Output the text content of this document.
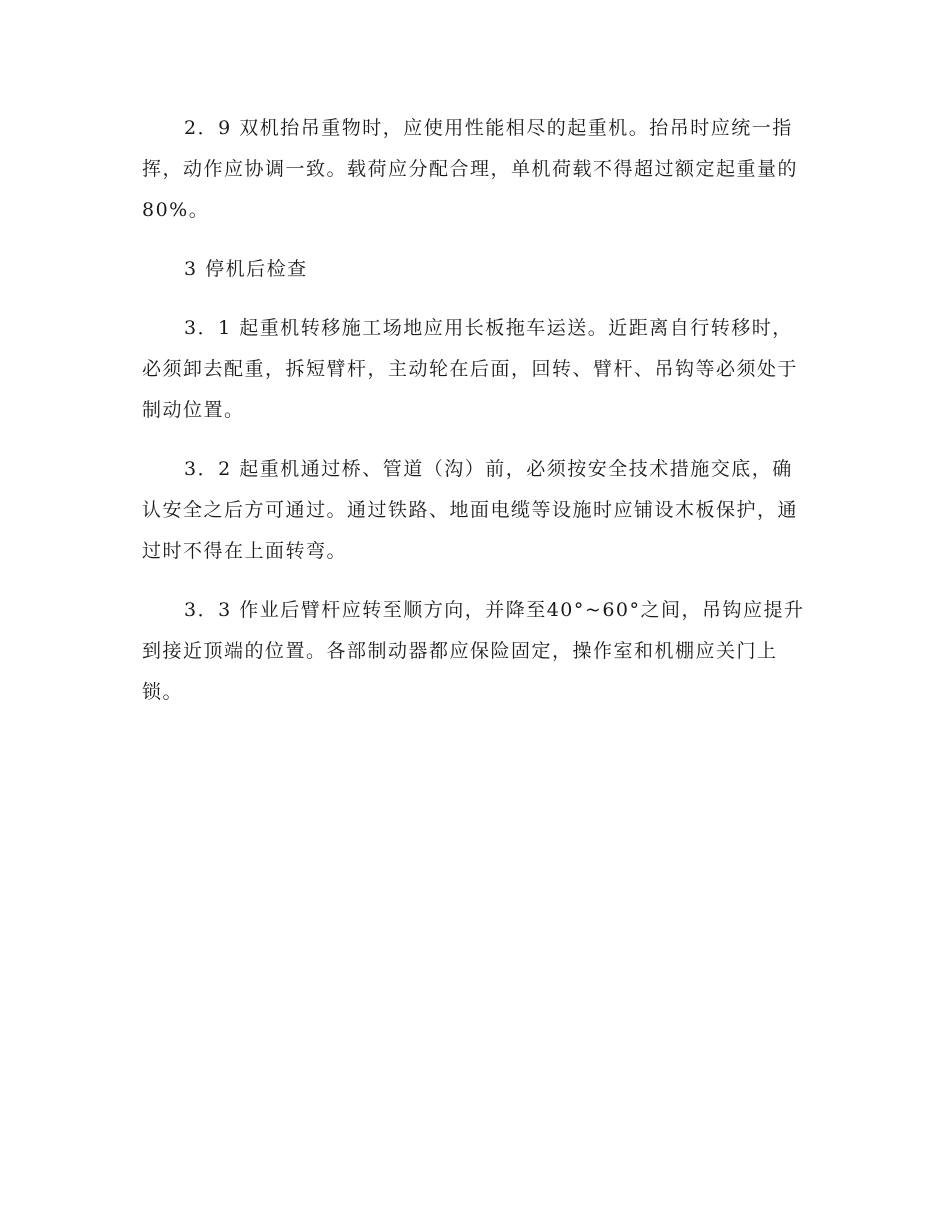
2．9 双机抬吊重物时，应使用性能相尽的起重机。抬吊时应统一指挥，动作应协调一致。载荷应分配合理，单机荷载不得超过额定起重量的80%。

3 停机后检查

3．1 起重机转移施工场地应用长板拖车运送。近距离自行转移时，必须卸去配重，拆短臂杆，主动轮在后面，回转、臂杆、吊钩等必须处于制动位置。

3．2 起重机通过桥、管道（沟）前，必须按安全技术措施交底，确认安全之后方可通过。通过铁路、地面电缆等设施时应铺设木板保护，通过时不得在上面转弯。

3．3 作业后臂杆应转至顺方向，并降至40°~60°之间，吊钩应提升到接近顶端的位置。各部制动器都应保险固定，操作室和机棚应关门上锁。
